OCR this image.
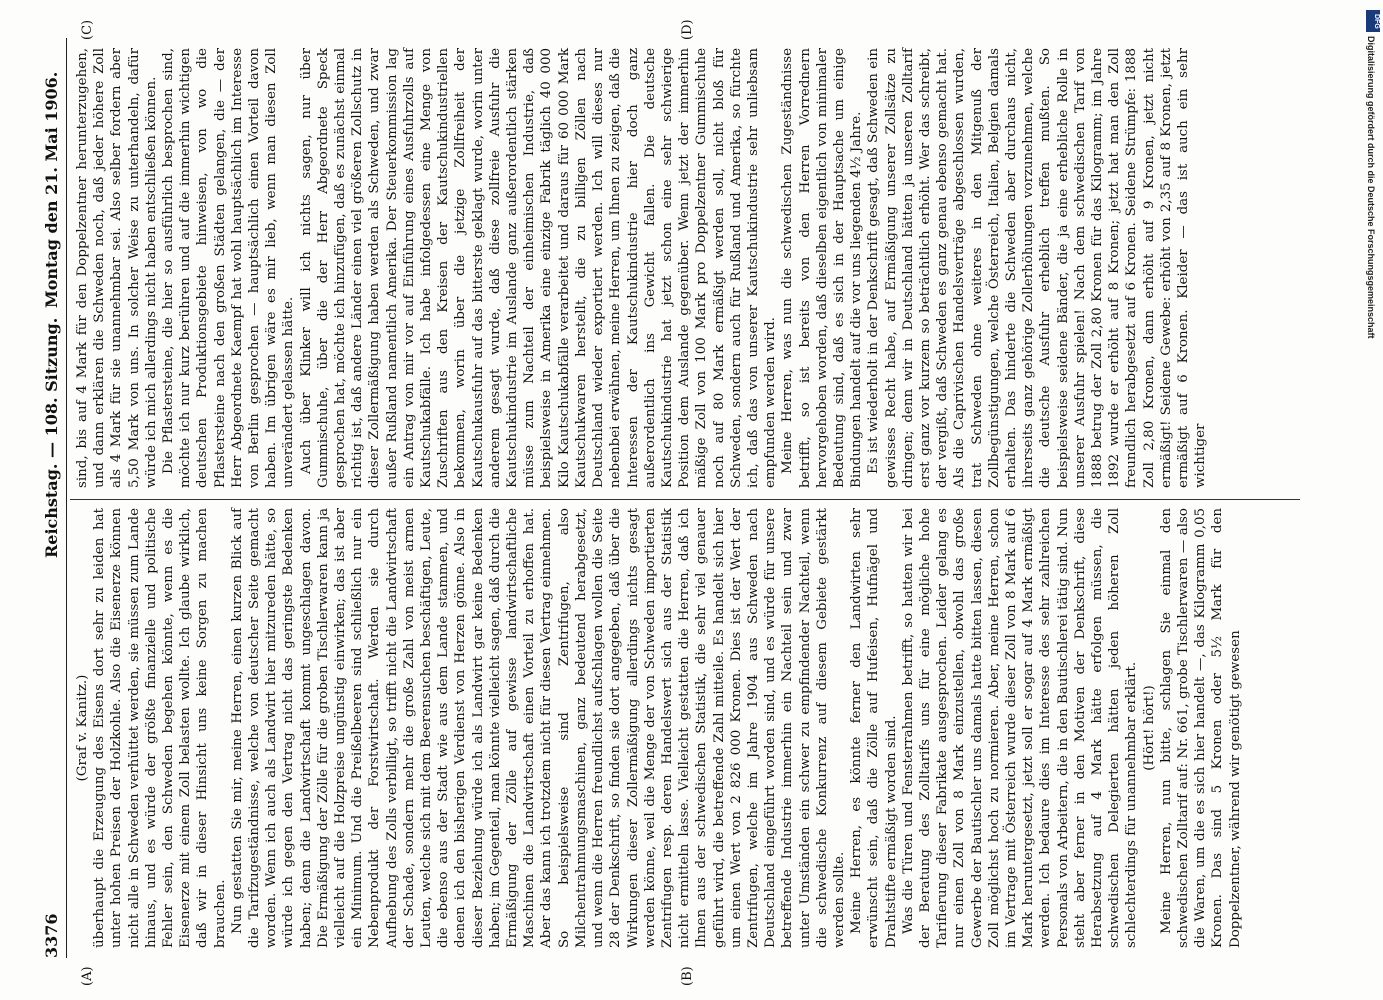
3376
Reichstag. — 108. Sitzung.
Montag den 21. Mai 1906.
(A)	(B)
(C)	(D)

(Graf v. Kanitz.) überhaupt die Erzeugung des Eisens dort sehr zu leiden hat unter hohen Preisen der Holzkohle. Also die Eisenerze können nicht alle in Schweden verhüttet werden, sie müssen zum Lande hinaus, und es würde der größte finanzielle und politische Fehler sein, den Schweden begehen könnte, wenn es die Eisenerze mit einem Zoll belasten wollte. Ich glaube wirklich, daß wir in dieser Hinsicht uns keine Sorgen zu machen brauchen. Nun gestatten Sie mir, meine Herren, einen kurzen Blick auf die Tarifzugeständnisse, welche von deutscher Seite gemacht worden. Wenn ich auch als Landwirt hier mitzureden hätte, so würde ich gegen den Vertrag nicht das geringste Bedenken haben; denn die Landwirtschaft kommt ungeschlagen davon. Die Ermäßigung der Zölle für die groben Tischlerwaren kann ja vielleicht auf die Holzpreise ungünstig einwirken; das ist aber ein Minimum. Und die Preißelbeeren sind schließlich nur ein Nebenprodukt der Forstwirtschaft. Werden sie durch Aufhebung des Zolls verbilligt, so trifft nicht die Landwirtschaft der Schade, sondern mehr die große Zahl von meist armen Leuten, welche sich mit dem Beerensuchen beschäftigen, Leute, die ebenso aus der Stadt wie aus dem Lande stammen, und denen ich den bisherigen Verdienst von Herzen gönne. Also in dieser Beziehung würde ich als Landwirt gar keine Bedenken haben; im Gegenteil, man könnte vielleicht sagen, daß durch die Ermäßigung der Zölle auf gewisse landwirtschaftliche Maschinen die Landwirtschaft einen Vorteil zu erhoffen hat. Aber das kann ich trotzdem nicht für diesen Vertrag einnehmen. So beispielsweise sind Zentrifugen, also Milchentrahmungsmaschinen, ganz bedeutend herabgesetzt, und wenn die Herren freundlichst aufschlagen wollen die Seite 28 der Denkschrift, so finden sie dort angegeben, daß über die Wirkungen dieser Zollermäßigung allerdings nichts gesagt werden könne, weil die Menge der von Schweden importierten Zentrifugen resp. deren Handelswert sich aus der Statistik nicht ermitteln lasse. Vielleicht gestatten die Herren, daß ich Ihnen aus der schwedischen Statistik, die sehr viel genauer geführt wird, die betreffende Zahl mitteile. Es handelt sich hier um einen Wert von 2 826 000 Kronen. Dies ist der Wert der Zentrifugen, welche im Jahre 1904 aus Schweden nach Deutschland eingeführt worden sind, und es würde für unsere betreffende Industrie immerhin ein Nachteil sein und zwar unter Umständen ein schwer zu empfindender Nachteil, wenn die schwedische Konkurrenz auf diesem Gebiete gestärkt werden sollte. Meine Herren, es könnte ferner den Landwirten sehr erwünscht sein, daß die Zölle auf Hufeisen, Hufnägel und Drahtstifte ermäßigt worden sind. Was die Türen und Fensterrahmen betrifft, so hatten wir bei der Beratung des Zolltarifs uns für eine mögliche hohe Tarifierung dieser Fabrikate ausgesprochen. Leider gelang es nur einen Zoll von 8 Mark einzustellen, obwohl das große Gewerbe der Bautischler uns damals hatte bitten lassen, diesen Zoll möglichst hoch zu normieren. Aber, meine Herren, schon im Vertrage mit Österreich wurde dieser Zoll von 8 Mark auf 6 Mark heruntergesetzt, jetzt soll er sogar auf 4 Mark ermäßigt werden. Ich bedaure dies im Interesse des sehr zahlreichen Personals von Arbeitern, die in den Bautischlerei tätig sind. Nun steht aber ferner in den Motiven der Denkschrift, diese Herabsetzung auf 4 Mark hätte erfolgen müssen, die schwedischen Delegierten hätten jeden höheren Zoll schlechterdings für unannehmbar erklärt. (Hört! hört!) Meine Herren, nun bitte, schlagen Sie einmal den schwedischen Zolltarif auf: Nr. 661, grobe Tischlerwaren — also die Waren, um die es sich hier handelt —, das Kilogramm 0,05 Kronen. Das sind 5 Kronen oder 5½ Mark für den Doppelzentner, während wir genötigt gewesen

sind, bis auf 4 Mark für den Doppelzentner herunterzugehen, und dann erklären die Schweden noch, daß jeder höhere Zoll als 4 Mark für sie unannehmbar sei. Also selber fordern aber 5,50 Mark von uns. In solcher Weise zu unterhandeln, dafür würde ich mich allerdings nicht haben entschließen können. Die Pflastersteine, die hier so ausführlich besprochen sind, möchte ich nur kurz berühren und auf die immerhin wichtigen deutschen Produktionsgebiete hinweisen, von wo die Pflastersteine nach den großen Städten gelangen, die — der Herr Abgeordnete Kaempf hat wohl hauptsächlich im Interesse von Berlin gesprochen — hauptsächlich einen Vorteil davon haben. Im übrigen wäre es mir lieb, wenn man diesen Zoll unverändert gelassen hätte. Auch über Klinker will ich nichts sagen, nur über Gummischuhe, über die der Herr Abgeordnete Speck gesprochen hat, möchte ich hinzufügen, daß es zunächst einmal richtig ist, daß andere Länder einen viel größeren Zollschutz in dieser Zollermäßigung haben werden als Schweden, und zwar außer Rußland namentlich Amerika. Der Steuerkommission lag ein Antrag von mir vor auf Einführung eines Ausfuhrzolls auf Kautschukabfälle. Ich habe infolgedessen eine Menge von Zuschriften aus den Kreisen der Kautschukindustriellen bekommen, worin über die jetzige Zollfreiheit der Kautschukausfuhr auf das bitterste geklagt wurde, worin unter anderem gesagt wurde, daß diese zollfreie Ausfuhr die Kautschukindustrie im Auslande ganz außerordentlich stärken müsse zum Nachteil der einheimischen Industrie, daß beispielsweise in Amerika eine einzige Fabrik täglich 40 000 Kilo Kautschukabfälle verarbeitet und daraus für 60 000 Mark Kautschukwaren herstellt, die zu billigen Zöllen nach Deutschland wieder exportiert werden. Ich will dieses nur nebenbei erwähnen, meine Herren, um Ihnen zu zeigen, daß die Interessen der Kautschukindustrie hier doch ganz außerordentlich ins Gewicht fallen. Die deutsche Kautschukindustrie hat jetzt schon eine sehr schwierige Position dem Auslande gegenüber. Wenn jetzt der immerhin mäßige Zoll von 100 Mark pro Doppelzentner Gummischuhe noch auf 80 Mark ermäßigt werden soll, nicht bloß für Schweden, sondern auch für Rußland und Amerika, so fürchte ich, daß das von unserer Kautschukindustrie sehr unliebsam empfunden werden wird. Meine Herren, was nun die schwedischen Zugeständnisse betrifft, so ist bereits von den Herren Vorrednern hervorgehoben worden, daß dieselben eigentlich von minimaler Bedeutung sind, daß es sich in der Hauptsache um einige Bindungen handelt auf die vor uns liegenden 4½ Jahre. Es ist wiederholt in der Denkschrift gesagt, daß Schweden ein gewisses Recht habe, auf Ermäßigung unserer Zollsätze zu dringen; denn wir in Deutschland hätten ja unseren Zolltarif erst ganz vor kurzem so beträchtlich erhöht. Wer das schreibt, der vergißt, daß Schweden es ganz genau ebenso gemacht hat. Als die Caprivischen Handelsverträge abgeschlossen wurden, trat Schweden ohne weiteres in den Mitgenuß der Zollbegünstigungen, welche Österreich, Italien, Belgien damals erhalten. Das hinderte die Schweden aber durchaus nicht, ihrerseits ganz gehörige Zollerhöhungen vorzunehmen, welche die deutsche Ausfuhr erheblich treffen mußten. So beispielsweise seidene Bänder, die ja eine erhebliche Rolle in unserer Ausfuhr spielen! Nach dem schwedischen Tarif von 1888 betrug der Zoll 2,80 Kronen für das Kilogramm; im Jahre 1892 wurde er erhöht auf 8 Kronen; jetzt hat man den Zoll freundlich herabgesetzt auf 6 Kronen. Seidene Strümpfe: 1888 Zoll 2,80 Kronen, dann erhöht auf 9 Kronen, jetzt nicht ermäßigt! Seidene Gewebe: erhöht von 2,35 auf 8 Kronen, jetzt ermäßigt auf 6 Kronen. Kleider — das ist auch ein sehr wichtiger

DFG
Digitalisierung gefördert durch die Deutsche Forschungsgemeinschaft
